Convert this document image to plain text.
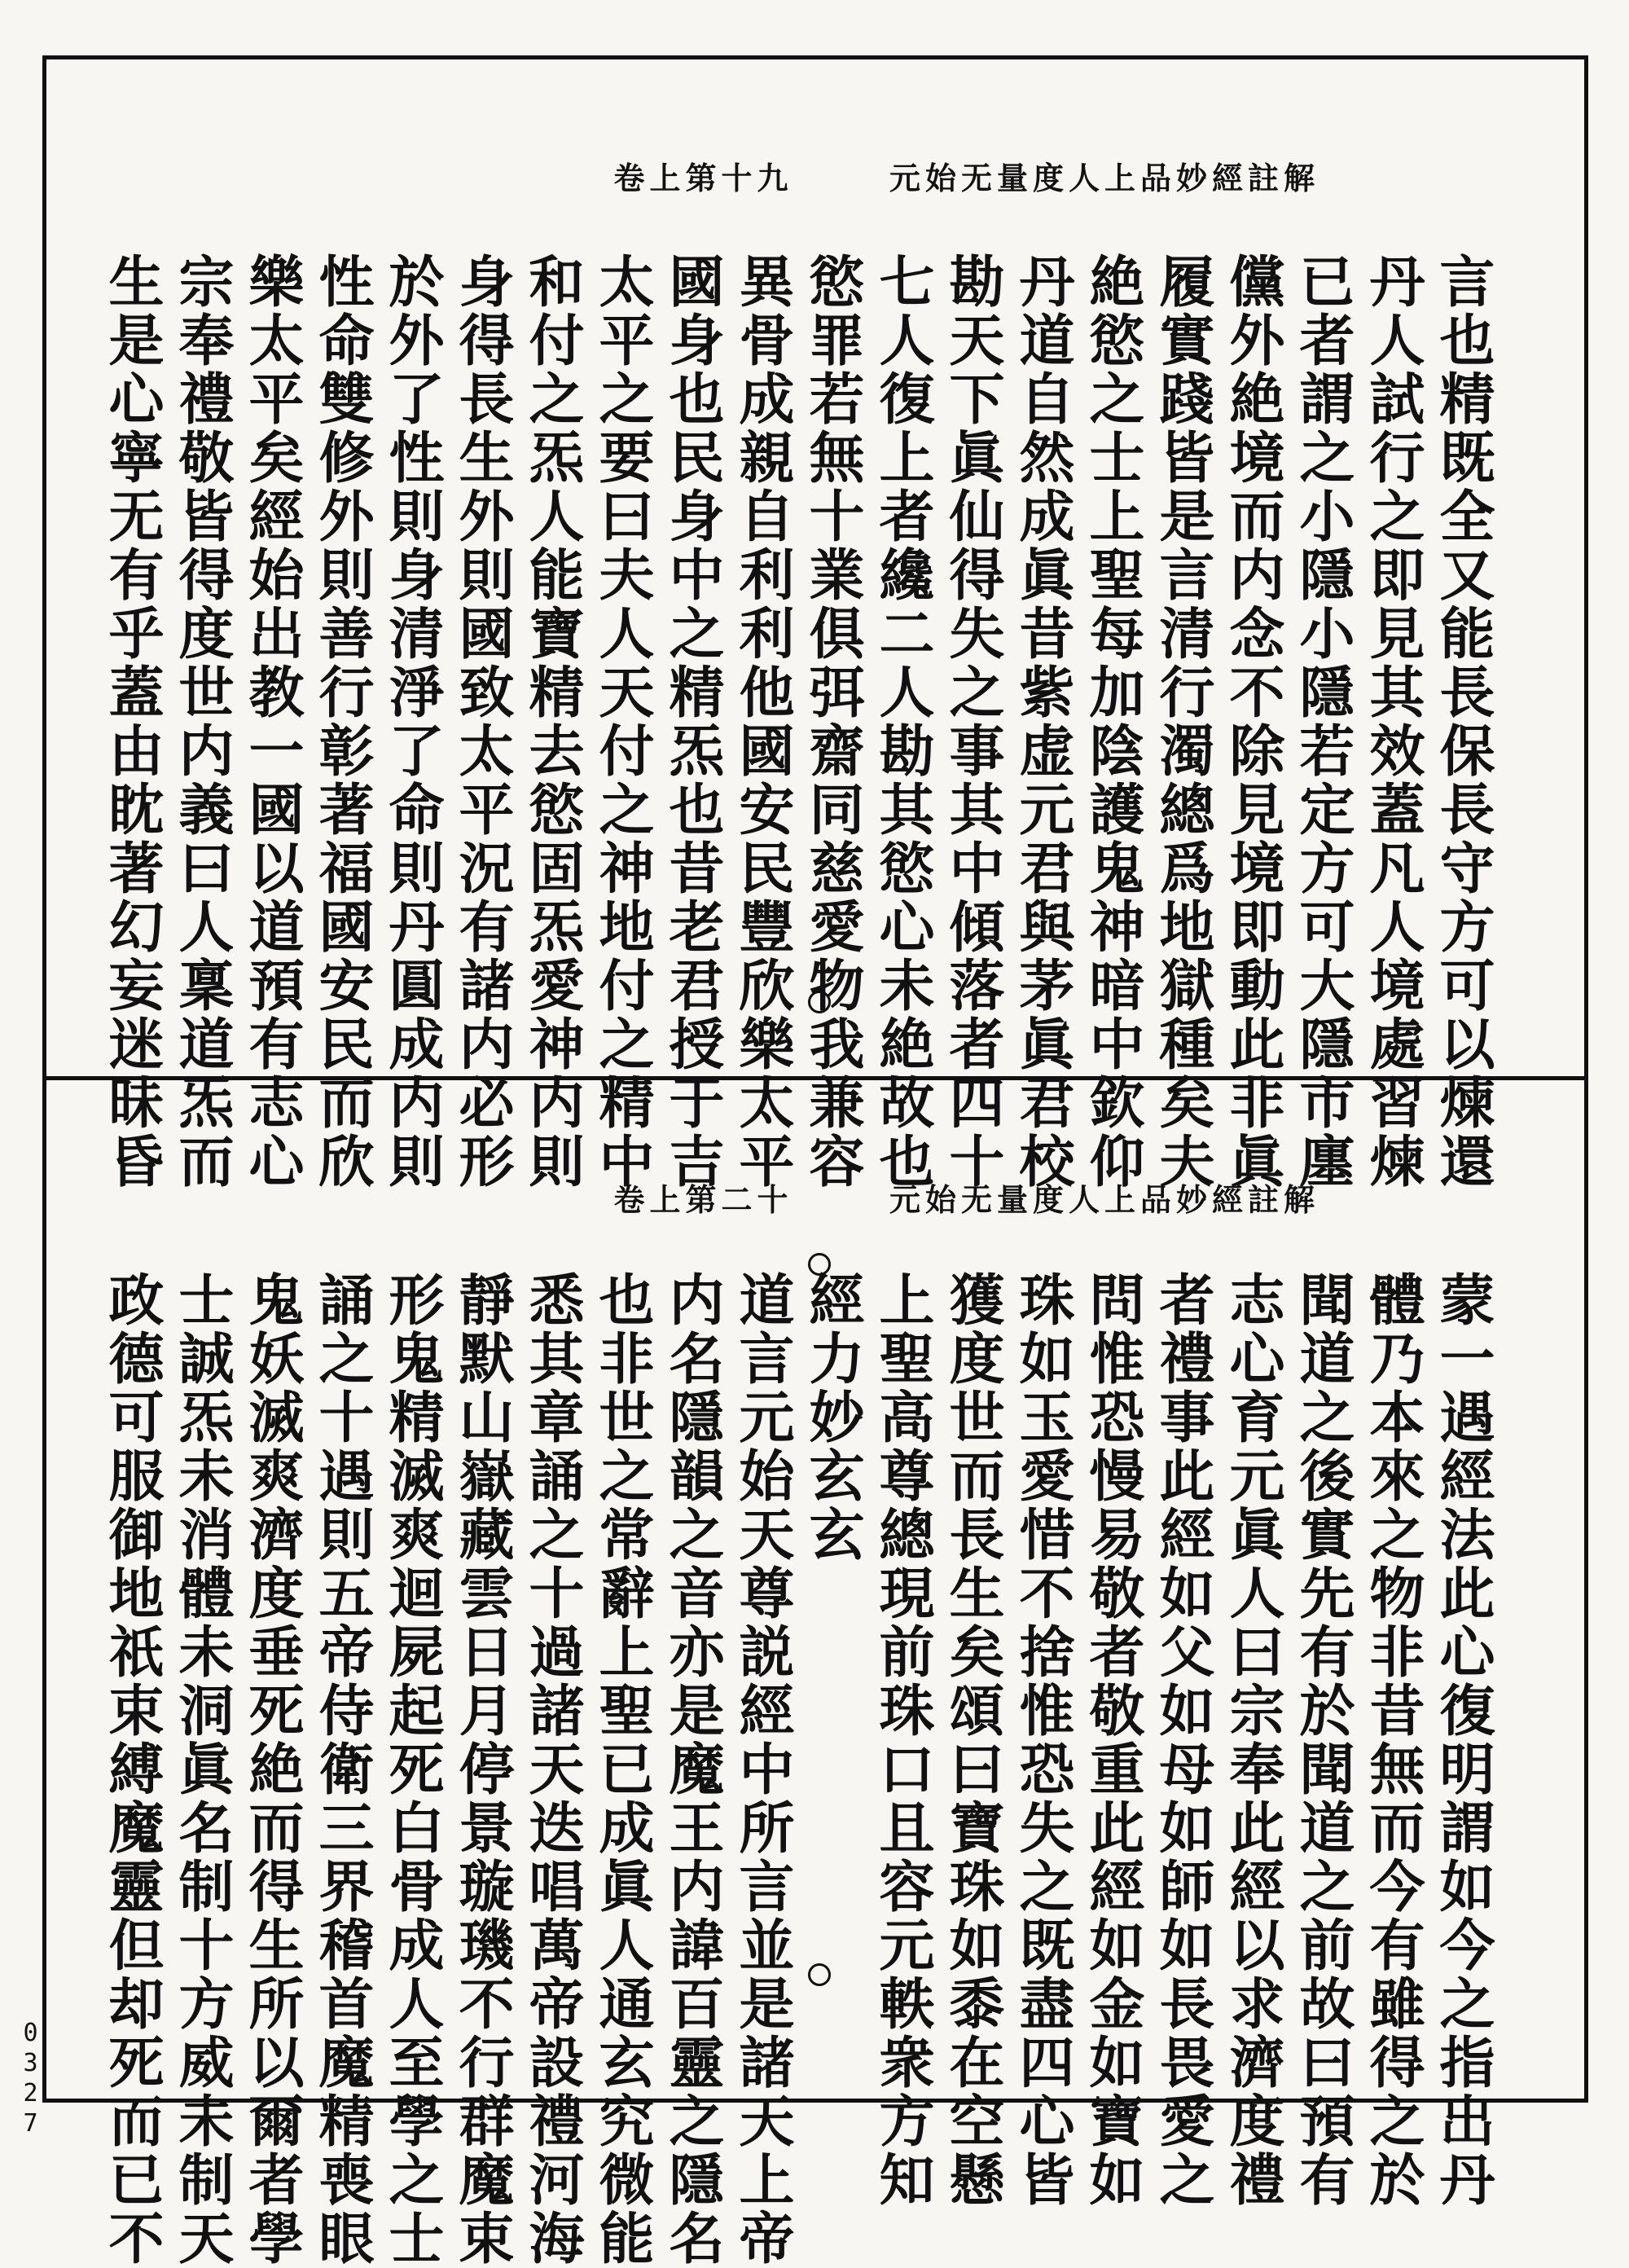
元始无量度人上品妙經註解  卷上第十九
元始无量度人上品妙經註解  卷上第二十
言也精既全又能長保長守方可以煉還
丹人試行之即見其效蓋凡人境處習煉
已者謂之小隱小隱若定方可大隱市廛
儻外絶境而内念不除見境即動此非眞
履實踐皆是言清行濁總爲地獄種矣夫
絶慾之士上聖每加陰護鬼神暗中欽仰
丹道自然成眞昔紫虚元君與茅眞君校
勘天下眞仙得失之事其中傾落者四十
七人復上者纔二人勘其慾心未絶故也
慾罪若無十業俱弭齋同慈愛物我兼容
異骨成親自利利他國安民豐欣樂太平
國身也民身中之精炁也昔老君授于吉
太平之要曰夫人天付之神地付之精中
和付之炁人能寶精去慾固炁愛神内則
身得長生外則國致太平況有諸内必形
於外了性則身清淨了命則丹圓成内則
性命雙修外則善行彰著福國安民而欣
樂太平矣經始出教一國以道預有志心
宗奉禮敬皆得度世内義曰人稟道炁而
生是心寧无有乎蓋由眈著幻妄迷昧昏
蒙一遇經法此心復明謂如今之指出丹
體乃本來之物非昔無而今有雖得之於
聞道之後實先有於聞道之前故曰預有
志心育元眞人曰宗奉此經以求濟度禮
者禮事此經如父如母如師如長畏愛之
問惟恐慢易敬者敬重此經如金如寶如
珠如玉愛惜不捨惟恐失之既盡四心皆
獲度世而長生矣頌曰寶珠如黍在空懸
上聖高尊總現前珠口且容元軼衆方知
經力妙玄玄
道言元始天尊説經中所言並是諸天上帝
内名隱韻之音亦是魔王内諱百靈之隱名
也非世之常辭上聖已成眞人通玄究微能
悉其章誦之十過諸天迭唱萬帝設禮河海
靜默山嶽藏雲日月停景璇璣不行群魔束
形鬼精滅爽迴屍起死白骨成人至學之士
誦之十遇則五帝侍衛三界稽首魔精喪眼
鬼妖滅爽濟度垂死絶而得生所以爾者學
士誠炁未消體未洞眞名制十方威未制天
政德可服御地祇束縛魔靈但却死而已不
0327
